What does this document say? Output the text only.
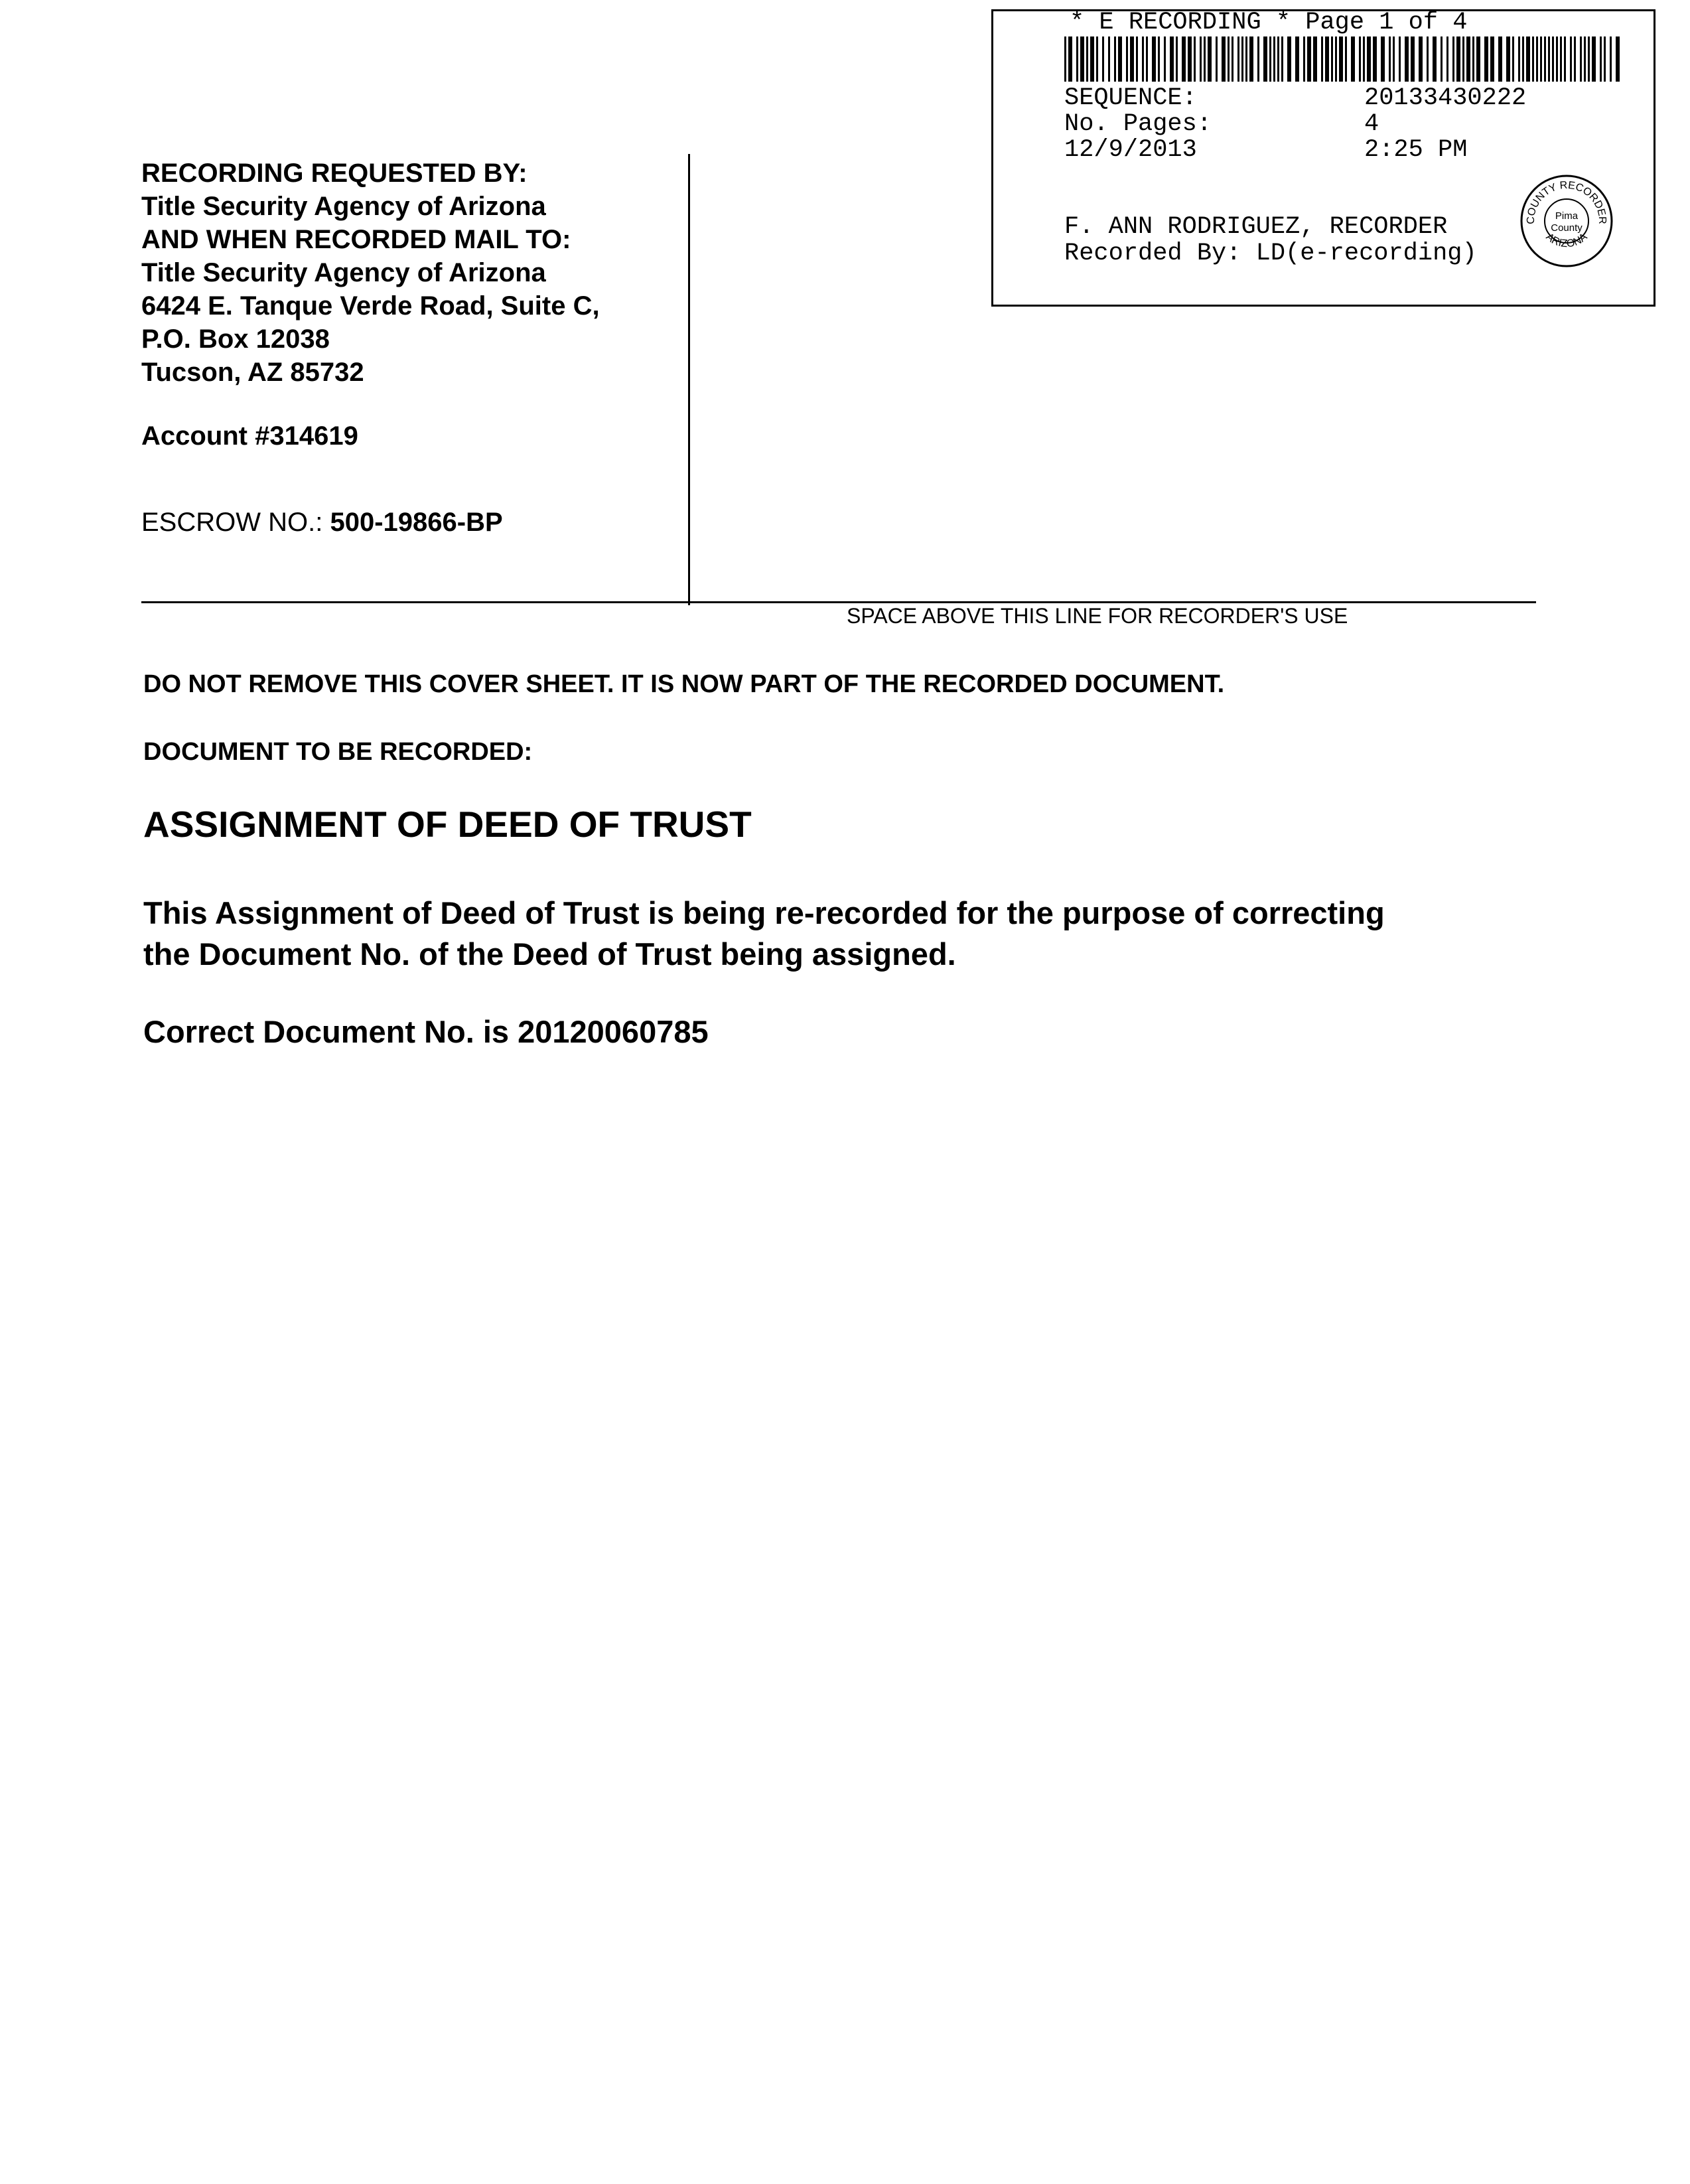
* E RECORDING * Page 1 of 4
SEQUENCE:	20133430222
No. Pages:	4
12/9/2013	2:25 PM
F. ANN RODRIGUEZ, RECORDER
Recorded By: LD(e-recording)
COUNTY RECORDER
Pima
County
ARIZONA
RECORDING REQUESTED BY:
Title Security Agency of Arizona
AND WHEN RECORDED MAIL TO:
Title Security Agency of Arizona
6424 E. Tanque Verde Road, Suite C,
P.O. Box 12038
Tucson, AZ 85732
Account #314619
ESCROW NO.: 500-19866-BP
SPACE ABOVE THIS LINE FOR RECORDER'S USE
DO NOT REMOVE THIS COVER SHEET. IT IS NOW PART OF THE RECORDED DOCUMENT.
DOCUMENT TO BE RECORDED:
ASSIGNMENT OF DEED OF TRUST
This Assignment of Deed of Trust is being re-recorded for the purpose of correcting
the Document No. of the Deed of Trust being assigned.
Correct Document No. is 20120060785
